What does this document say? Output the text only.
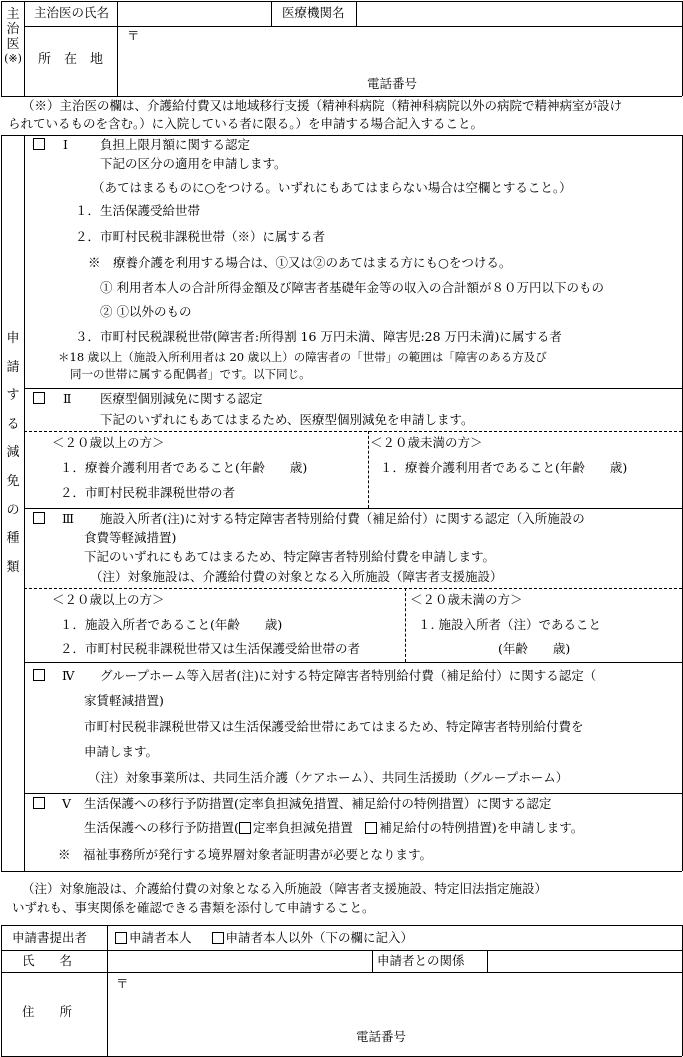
主
治
医
(※)
主治医の氏名	医療機関名
所　在　地
〒
電話番号
（※）主治医の欄は、介護給付費又は地域移行支援（精神科病院（精神科病院以外の病院で精神病室が設け
られているものを含む。）に入院している者に限る。）を申請する場合記入すること。
申
請
す
る
減
免
の
種
類
Ⅰ	負担上限月額に関する認定
下記の区分の適用を申請します。
（あてはまるものに○をつける。いずれにもあてはまらない場合は空欄とすること。）
１．生活保護受給世帯
２．市町村民税非課税世帯（※）に属する者
※　療養介護を利用する場合は、①又は②のあてはまる方にも○をつける。
① 利用者本人の合計所得金額及び障害者基礎年金等の収入の合計額が８０万円以下のもの
② ①以外のもの
３．市町村民税課税世帯(障害者:所得割 16 万円未満、障害児:28 万円未満)に属する者
＊18 歳以上（施設入所利用者は 20 歳以上）の障害者の「世帯」の範囲は「障害のある方及び
同一の世帯に属する配偶者」です。以下同じ。
Ⅱ 医療型個別減免に関する認定
下記のいずれにもあてはまるため、医療型個別減免を申請します。
＜２０歳以上の方＞
１．療養介護利用者であること(年齢　　歳)
２．市町村民税非課税世帯の者
＜２０歳未満の方＞
１．療養介護利用者であること(年齢　　歳)
Ⅲ 施設入所者(注)に対する特定障害者特別給付費（補足給付）に関する認定（入所施設の
食費等軽減措置)
下記のいずれにもあてはまるため、特定障害者特別給付費を申請します。
（注）対象施設は、介護給付費の対象となる入所施設（障害者支援施設）
＜２０歳以上の方＞
１．施設入所者であること(年齢　　歳)
２．市町村民税非課税世帯又は生活保護受給世帯の者
＜２０歳未満の方＞
１. 施設入所者（注）であること
(年齢　　歳)
Ⅳ グループホーム等入居者(注)に対する特定障害者特別給付費（補足給付）に関する認定（
家賃軽減措置)
市町村民税非課税世帯又は生活保護受給世帯にあてはまるため、特定障害者特別給付費を
申請します。
（注）対象事業所は、共同生活介護（ケアホーム）、共同生活援助（グループホーム）
Ⅴ 生活保護への移行予防措置(定率負担減免措置、補足給付の特例措置）に関する認定
生活保護への移行予防措置( 定率負担減免措置　 補足給付の特例措置)を申請します。
※　福祉事務所が発行する境界層対象者証明書が必要となります。
（注）対象施設は、介護給付費の対象となる入所施設（障害者支援施設、特定旧法指定施設）
いずれも、事実関係を確認できる書類を添付して申請すること。
申請書提出者	申請者本人	申請者本人以外（下の欄に記入）
氏　　名	申請者との関係
住　　所
〒
電話番号
